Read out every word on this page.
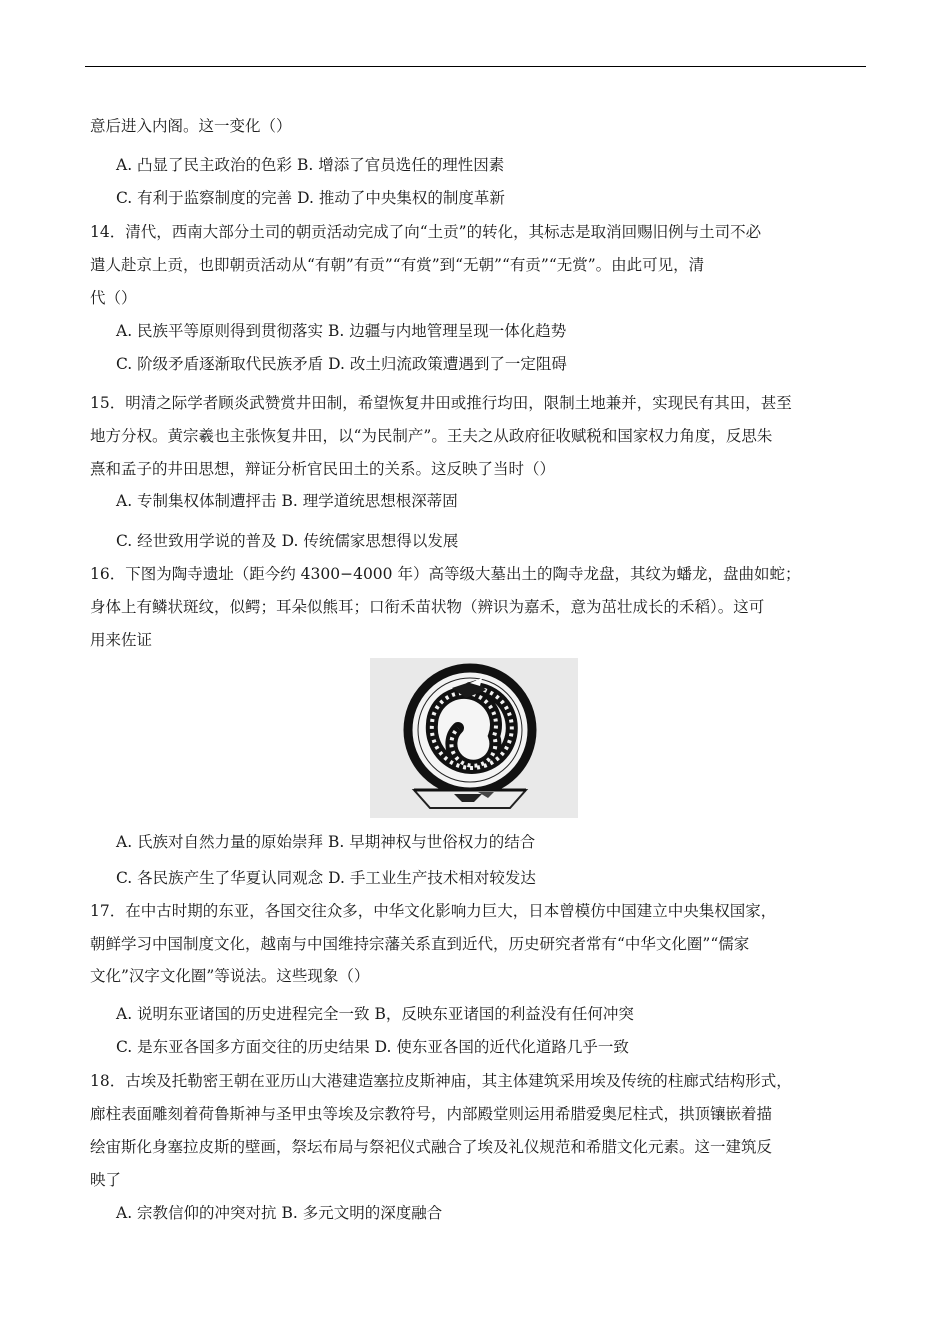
意后进入内阁。这一变化（）
A. 凸显了民主政治的色彩 B. 增添了官员选任的理性因素
C. 有利于监察制度的完善 D. 推动了中央集权的制度革新
14．清代，西南大部分土司的朝贡活动完成了向“土贡”的转化，其标志是取消回赐旧例与土司不必
遣人赴京上贡，也即朝贡活动从“有朝”有贡”“有赏”到“无朝”“有贡”“无赏”。由此可见，清
代（）
A. 民族平等原则得到贯彻落实 B. 边疆与内地管理呈现一体化趋势
C. 阶级矛盾逐渐取代民族矛盾 D. 改土归流政策遭遇到了一定阻碍
15．明清之际学者顾炎武赞赏井田制，希望恢复井田或推行均田，限制土地兼并，实现民有其田，甚至
地方分权。黄宗羲也主张恢复井田，以“为民制产”。王夫之从政府征收赋税和国家权力角度，反思朱
熹和孟子的井田思想，辩证分析官民田土的关系。这反映了当时（）
A. 专制集权体制遭抨击 B. 理学道统思想根深蒂固
C. 经世致用学说的普及 D. 传统儒家思想得以发展
16．下图为陶寺遗址（距今约 4300−4000 年）高等级大墓出土的陶寺龙盘，其纹为蟠龙，盘曲如蛇；
身体上有鳞状斑纹，似鳄；耳朵似熊耳；口衔禾苗状物（辨识为嘉禾，意为茁壮成长的禾稻）。这可
用来佐证
A. 氏族对自然力量的原始崇拜 B. 早期神权与世俗权力的结合
C. 各民族产生了华夏认同观念 D. 手工业生产技术相对较发达
17．在中古时期的东亚，各国交往众多，中华文化影响力巨大，日本曾模仿中国建立中央集权国家，
朝鲜学习中国制度文化，越南与中国维持宗藩关系直到近代，历史研究者常有“中华文化圈”“儒家
文化”汉字文化圈”等说法。这些现象（）
A. 说明东亚诸国的历史进程完全一致 B，反映东亚诸国的利益没有任何冲突
C. 是东亚各国多方面交往的历史结果 D. 使东亚各国的近代化道路几乎一致
18．古埃及托勒密王朝在亚历山大港建造塞拉皮斯神庙，其主体建筑采用埃及传统的柱廊式结构形式，
廊柱表面雕刻着荷鲁斯神与圣甲虫等埃及宗教符号，内部殿堂则运用希腊爱奥尼柱式，拱顶镶嵌着描
绘宙斯化身塞拉皮斯的壁画，祭坛布局与祭祀仪式融合了埃及礼仪规范和希腊文化元素。这一建筑反
映了
A. 宗教信仰的冲突对抗 B. 多元文明的深度融合
